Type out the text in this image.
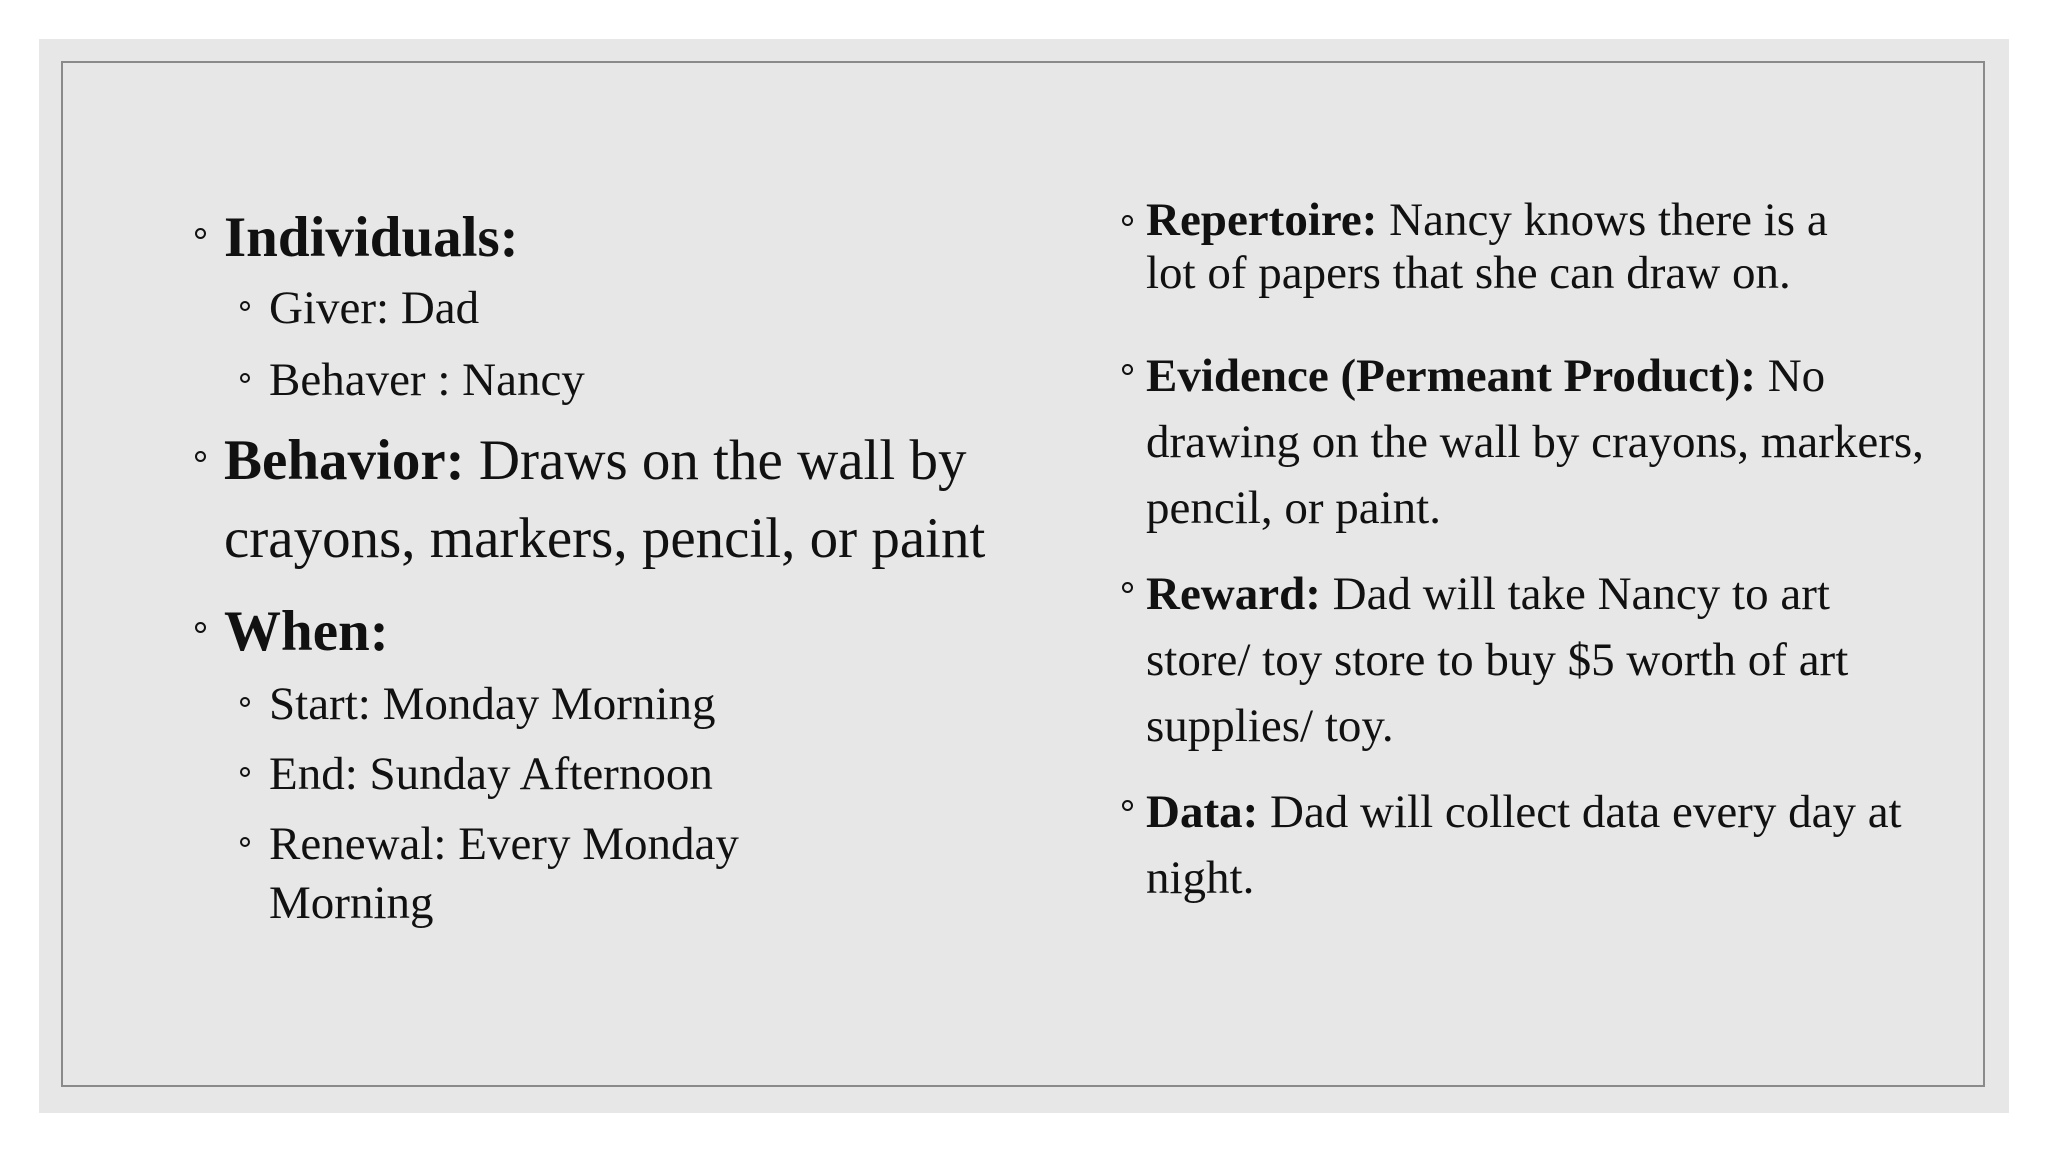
Individuals:
Giver: Dad
Behaver : Nancy
Behavior: Draws on the wall by crayons, markers, pencil, or paint
When:
Start: Monday Morning
End: Sunday Afternoon
Renewal: Every Monday Morning
Repertoire: Nancy knows there is a lot of papers that she can draw on.
Evidence (Permeant Product): No drawing on the wall by crayons, markers, pencil, or paint.
Reward: Dad will take Nancy to art store/ toy store to buy $5 worth of art supplies/ toy.
Data: Dad will collect data every day at night.
